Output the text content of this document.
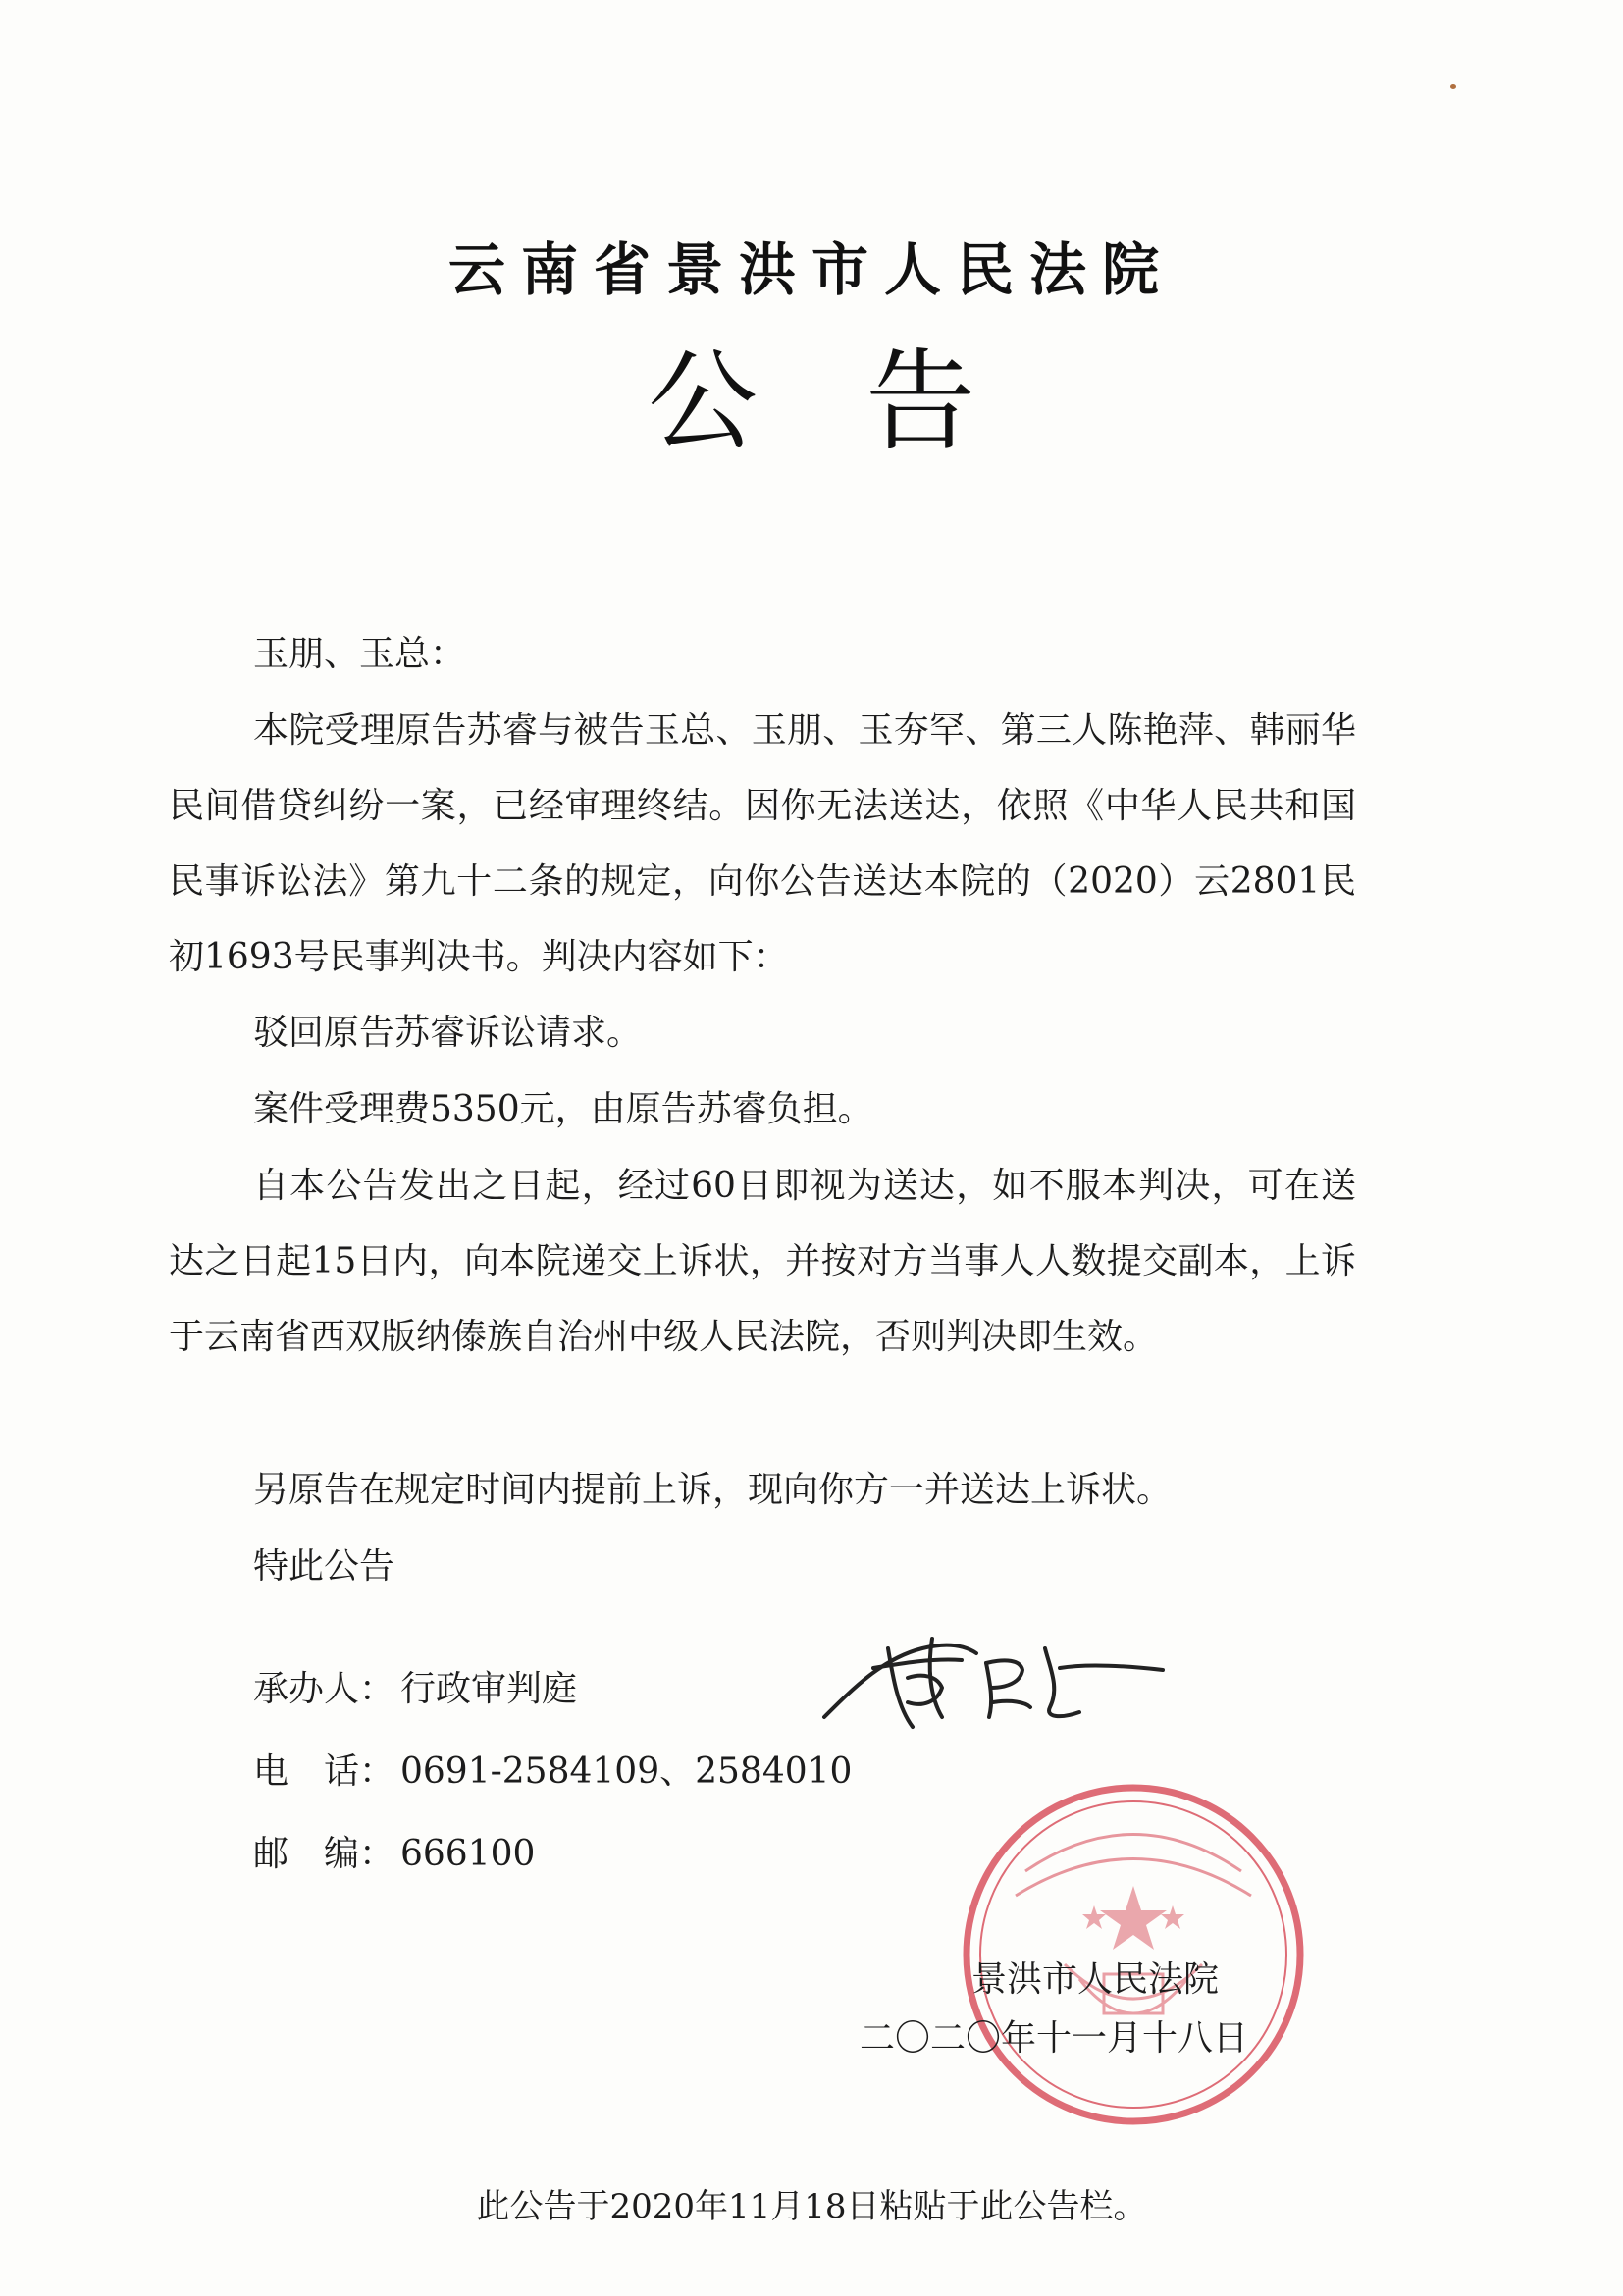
云南省景洪市人民法院
公告
玉朋、玉总：

本院受理原告苏睿与被告玉总、玉朋、玉夯罕、第三人陈艳萍、韩丽华民间借贷纠纷一案，已经审理终结。因你无法送达，依照《中华人民共和国民事诉讼法》第九十二条的规定，向你公告送达本院的（2020）云2801民初1693号民事判决书。判决内容如下：

驳回原告苏睿诉讼请求。

案件受理费5350元，由原告苏睿负担。

自本公告发出之日起，经过60日即视为送达，如不服本判决，可在送达之日起15日内，向本院递交上诉状，并按对方当事人人数提交副本，上诉于云南省西双版纳傣族自治州中级人民法院，否则判决即生效。

另原告在规定时间内提前上诉，现向你方一并送达上诉状。

特此公告

承办人： 行政审判庭
电　话： 0691-2584109、2584010
邮　编： 666100
景洪市人民法院
二〇二〇年十一月十八日
此公告于2020年11月18日粘贴于此公告栏。
